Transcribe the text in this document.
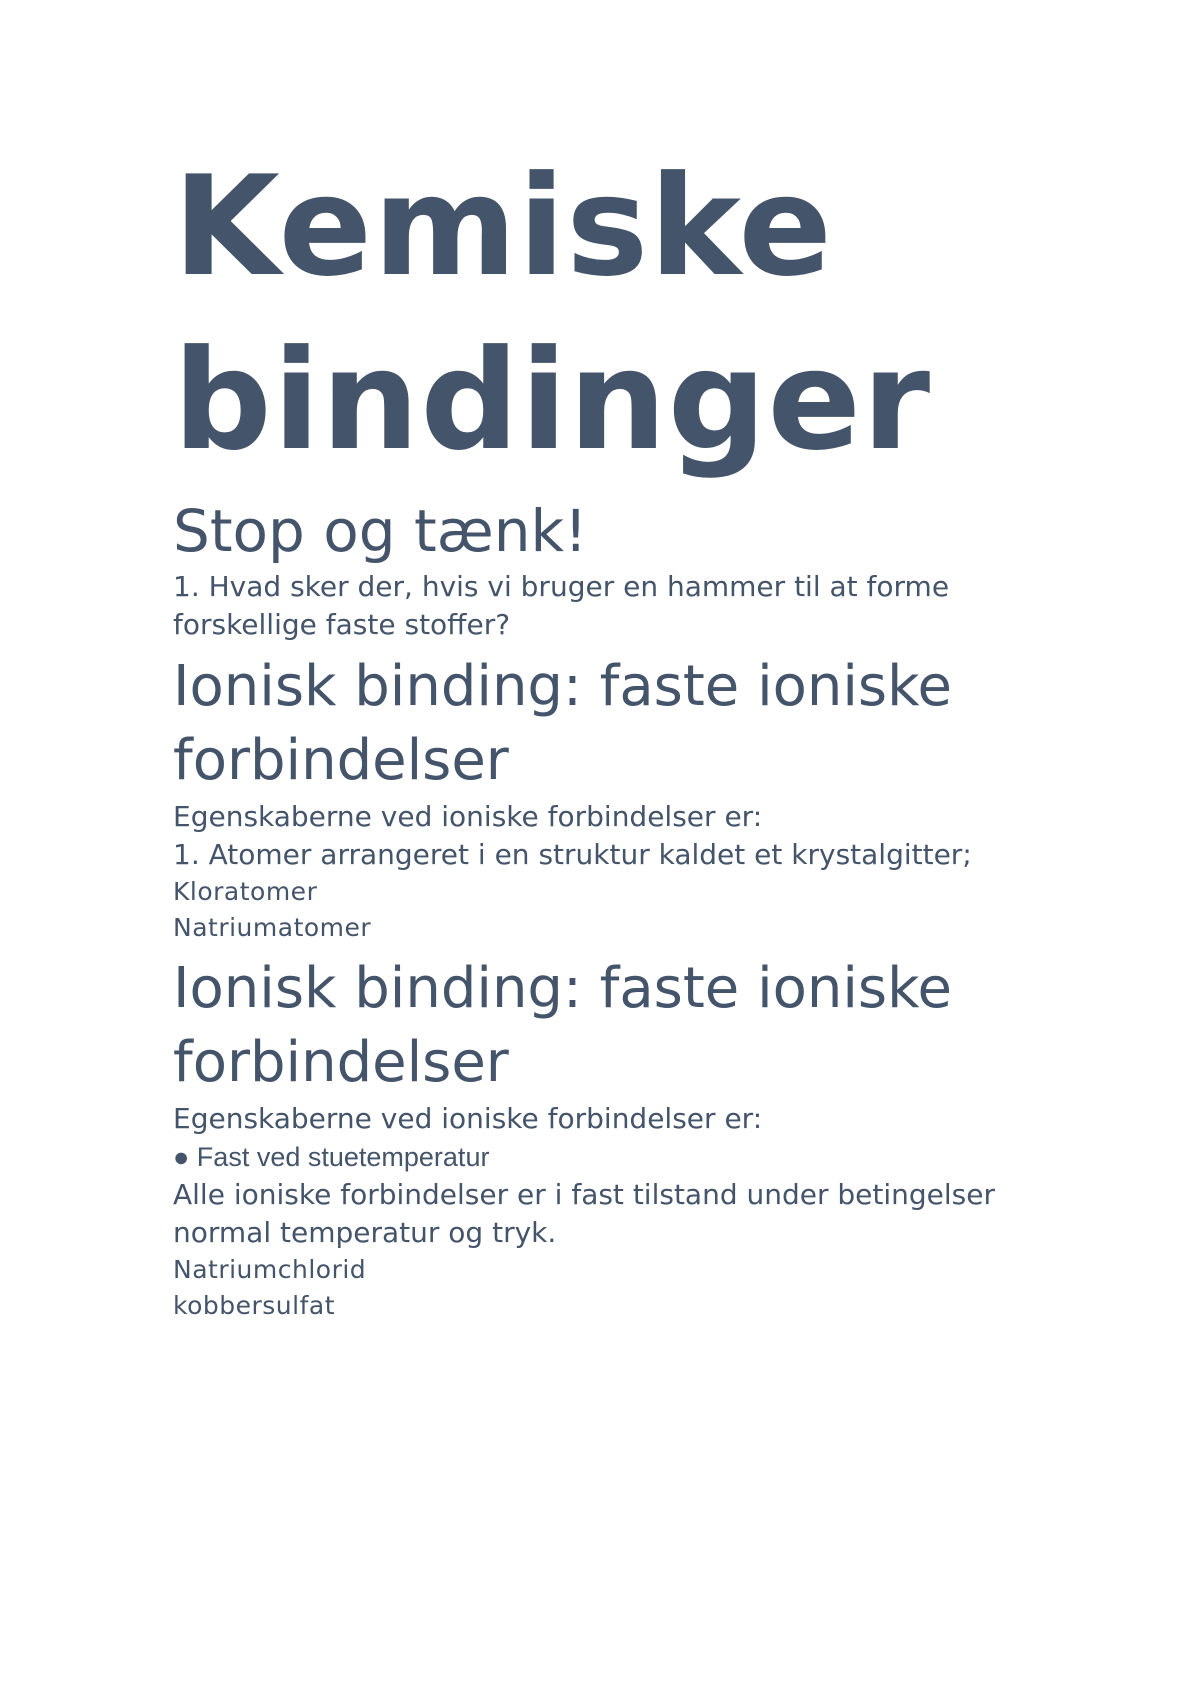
Kemiske bindinger
Stop og tænk!

1. Hvad sker der, hvis vi bruger en hammer til at forme forskellige faste stoffer?

Ionisk binding: faste ioniske forbindelser

Egenskaberne ved ioniske forbindelser er:

1. Atomer arrangeret i en struktur kaldet et krystalgitter;

Kloratomer

Natriumatomer

Ionisk binding: faste ioniske forbindelser

Egenskaberne ved ioniske forbindelser er:

● Fast ved stuetemperatur

Alle ioniske forbindelser er i fast tilstand under betingelser

normal temperatur og tryk.

Natriumchlorid

kobbersulfat
